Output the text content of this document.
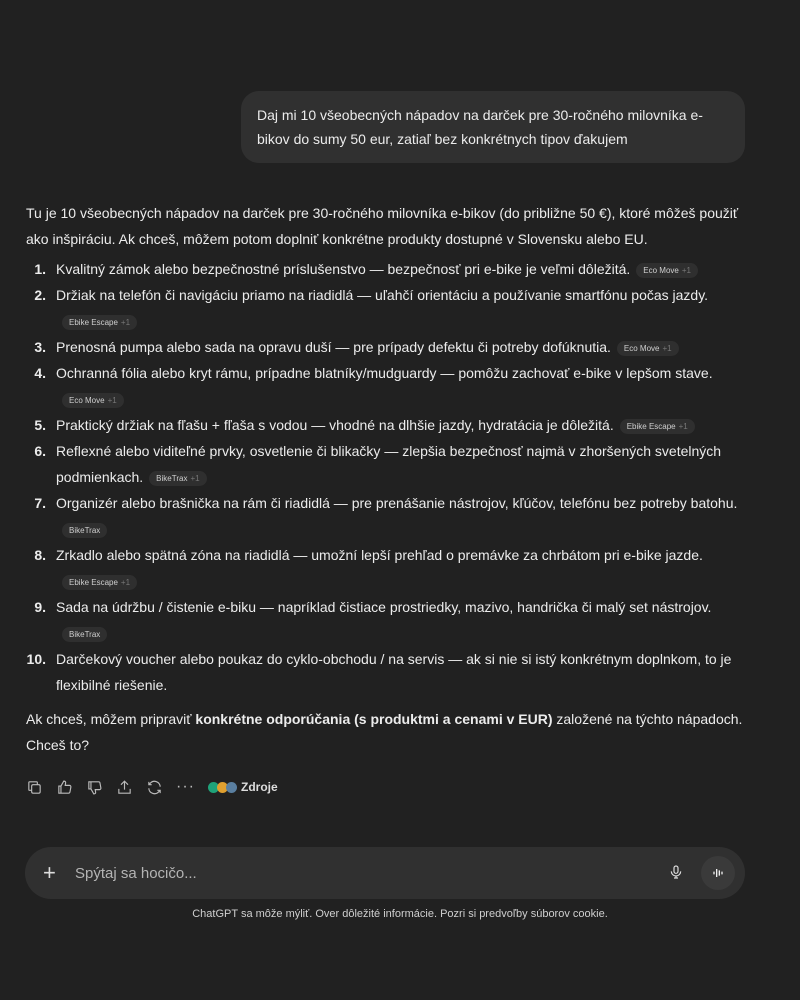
Daj mi 10 všeobecných nápadov na darček pre 30-ročného milovníka e-bikov do sumy 50 eur, zatiaľ bez konkrétnych tipov ďakujem

Tu je 10 všeobecných nápadov na darček pre 30-ročného milovníka e-bikov (do približne 50 €), ktoré môžeš použiť ako inšpiráciu. Ak chceš, môžem potom doplniť konkrétne produkty dostupné v Slovensku alebo EU.

1. Kvalitný zámok alebo bezpečnostné príslušenstvo — bezpečnosť pri e-bike je veľmi dôležitá. Eco Move +1
2. Držiak na telefón či navigáciu priamo na riadidlá — uľahčí orientáciu a používanie smartfónu počas jazdy.Ebike Escape +1
3. Prenosná pumpa alebo sada na opravu duší — pre prípady defektu či potreby dofúknutia. Eco Move +1
4. Ochranná fólia alebo kryt rámu, prípadne blatníky/mudguardy — pomôžu zachovať e-bike v lepšom stave.Eco Move +1
5. Praktický držiak na fľašu + fľaša s vodou — vhodné na dlhšie jazdy, hydratácia je dôležitá. Ebike Escape +1
6. Reflexné alebo viditeľné prvky, osvetlenie či blikačky — zlepšia bezpečnosť najmä v zhoršených svetelných podmienkach. BikeTrax +1
7. Organizér alebo brašnička na rám či riadidlá — pre prenášanie nástrojov, kľúčov, telefónu bez potreby batohu.BikeTrax
8. Zrkadlo alebo spätná zóna na riadidlá — umožní lepší prehľad o premávke za chrbátom pri e-bike jazde.Ebike Escape +1
9. Sada na údržbu / čistenie e-biku — napríklad čistiace prostriedky, mazivo, handrička či malý set nástrojov.BikeTrax
10. Darčekový voucher alebo poukaz do cyklo-obchodu / na servis — ak si nie si istý konkrétnym doplnkom, to je flexibilné riešenie.

Ak chceš, môžem pripraviť konkrétne odporúčania (s produktmi a cenami v EUR) založené na týchto nápadoch. Chceš to?

···	Zdroje
+
Spýtaj sa hocičo...
ChatGPT sa môže mýliť. Over dôležité informácie. Pozri si predvoľby súborov cookie.
